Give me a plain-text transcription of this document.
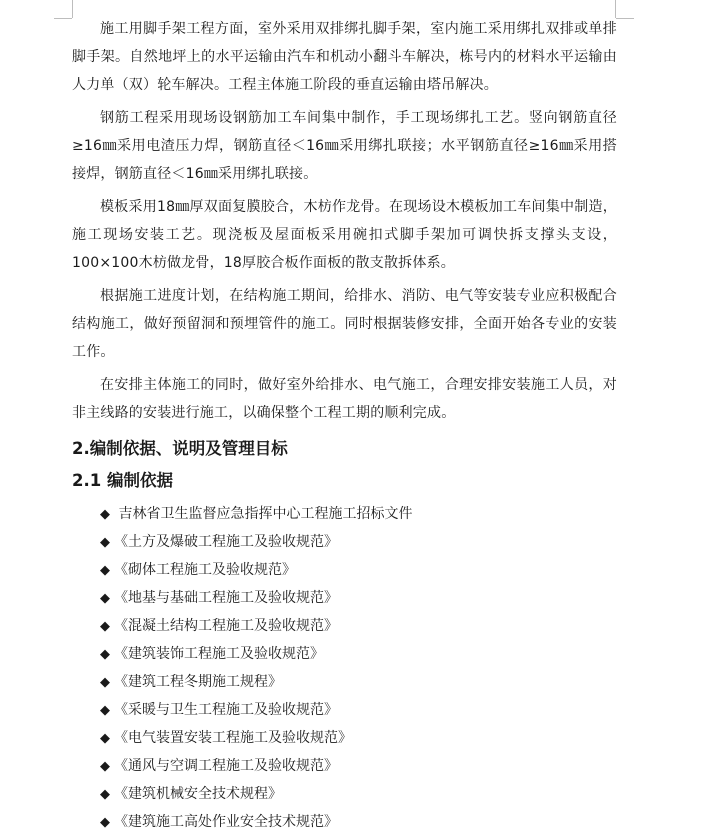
施工用脚手架工程方面，室外采用双排绑扎脚手架，室内施工采用绑扎双排或单排脚手架。自然地坪上的水平运输由汽车和机动小翻斗车解决，栋号内的材料水平运输由人力单（双）轮车解决。工程主体施工阶段的垂直运输由塔吊解决。

钢筋工程采用现场设钢筋加工车间集中制作，手工现场绑扎工艺。竖向钢筋直径≥16㎜采用电渣压力焊，钢筋直径＜16㎜采用绑扎联接；水平钢筋直径≥16㎜采用搭接焊，钢筋直径＜16㎜采用绑扎联接。

模板采用18㎜厚双面复膜胶合，木枋作龙骨。在现场设木模板加工车间集中制造，施工现场安装工艺。现浇板及屋面板采用碗扣式脚手架加可调快拆支撑头支设，100×100木枋做龙骨，18厚胶合板作面板的散支散拆体系。

根据施工进度计划，在结构施工期间，给排水、消防、电气等安装专业应积极配合结构施工，做好预留洞和预埋管件的施工。同时根据装修安排，全面开始各专业的安装工作。

在安排主体施工的同时，做好室外给排水、电气施工，合理安排安装施工人员，对非主线路的安装进行施工，以确保整个工程工期的顺利完成。

2.编制依据、说明及管理目标
2.1 编制依据
◆ 吉林省卫生监督应急指挥中心工程施工招标文件
◆ 《土方及爆破工程施工及验收规范》
◆ 《砌体工程施工及验收规范》
◆ 《地基与基础工程施工及验收规范》
◆ 《混凝土结构工程施工及验收规范》
◆ 《建筑装饰工程施工及验收规范》
◆ 《建筑工程冬期施工规程》
◆ 《采暖与卫生工程施工及验收规范》
◆ 《电气装置安装工程施工及验收规范》
◆ 《通风与空调工程施工及验收规范》
◆ 《建筑机械安全技术规程》
◆ 《建筑施工高处作业安全技术规范》
